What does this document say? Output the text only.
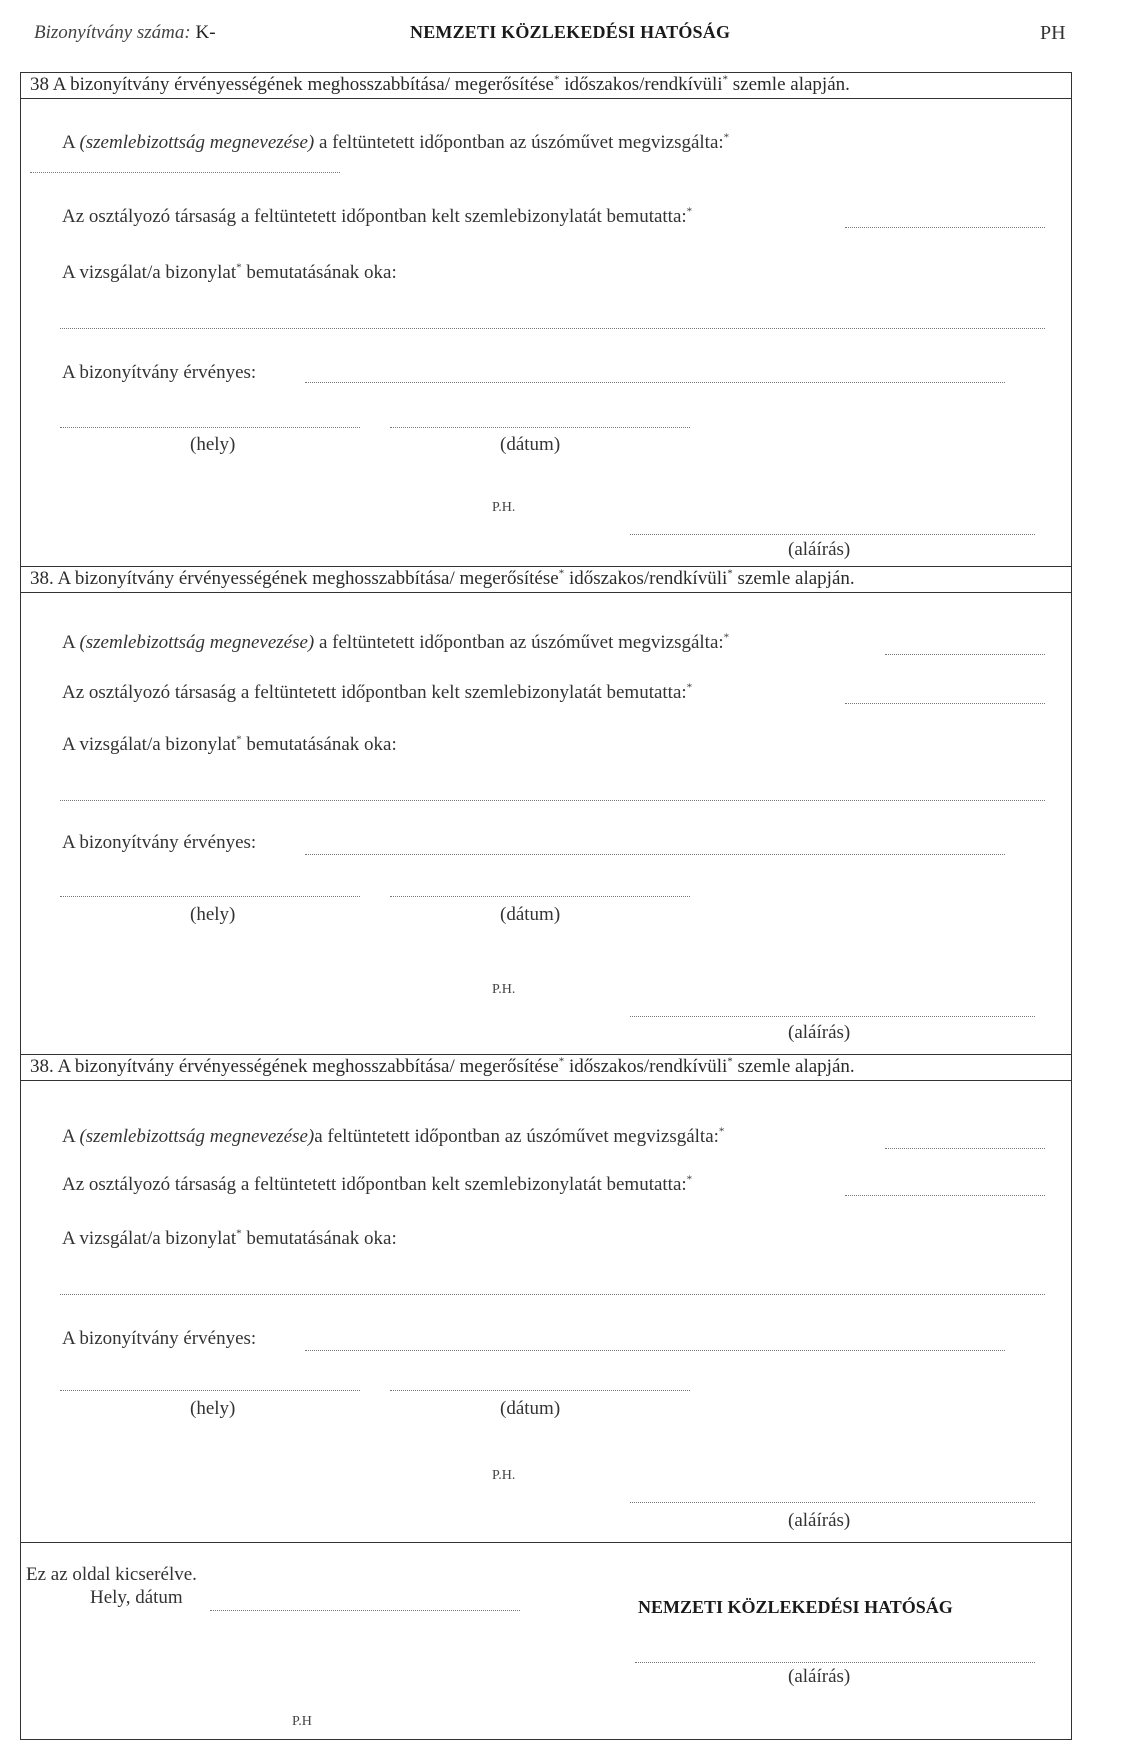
Bizonyítvány száma: K-	NEMZETI KÖZLEKEDÉSI HATÓSÁG	PH
38 A bizonyítvány érvényességének meghosszabbítása/ megerősítése* időszakos/rendkívüli* szemle alapján.
A (szemlebizottság megnevezése) a feltüntetett időpontban az úszóművet megvizsgálta:*
Az osztályozó társaság a feltüntetett időpontban kelt szemlebizonylatát bemutatta:*
A vizsgálat/a bizonylat* bemutatásának oka:
A bizonyítvány érvényes:
(hely)	(dátum)
P.H.
(aláírás)
38. A bizonyítvány érvényességének meghosszabbítása/ megerősítése* időszakos/rendkívüli* szemle alapján.
A (szemlebizottság megnevezése) a feltüntetett időpontban az úszóművet megvizsgálta:*
Az osztályozó társaság a feltüntetett időpontban kelt szemlebizonylatát bemutatta:*
A vizsgálat/a bizonylat* bemutatásának oka:
A bizonyítvány érvényes:
(hely)	(dátum)
P.H.
(aláírás)
38. A bizonyítvány érvényességének meghosszabbítása/ megerősítése* időszakos/rendkívüli* szemle alapján.
A (szemlebizottság megnevezése)a feltüntetett időpontban az úszóművet megvizsgálta:*
Az osztályozó társaság a feltüntetett időpontban kelt szemlebizonylatát bemutatta:*
A vizsgálat/a bizonylat* bemutatásának oka:
A bizonyítvány érvényes:
(hely)	(dátum)
P.H.
(aláírás)
Ez az oldal kicserélve.
Hely, dátum	NEMZETI KÖZLEKEDÉSI HATÓSÁG
(aláírás)
P.H
